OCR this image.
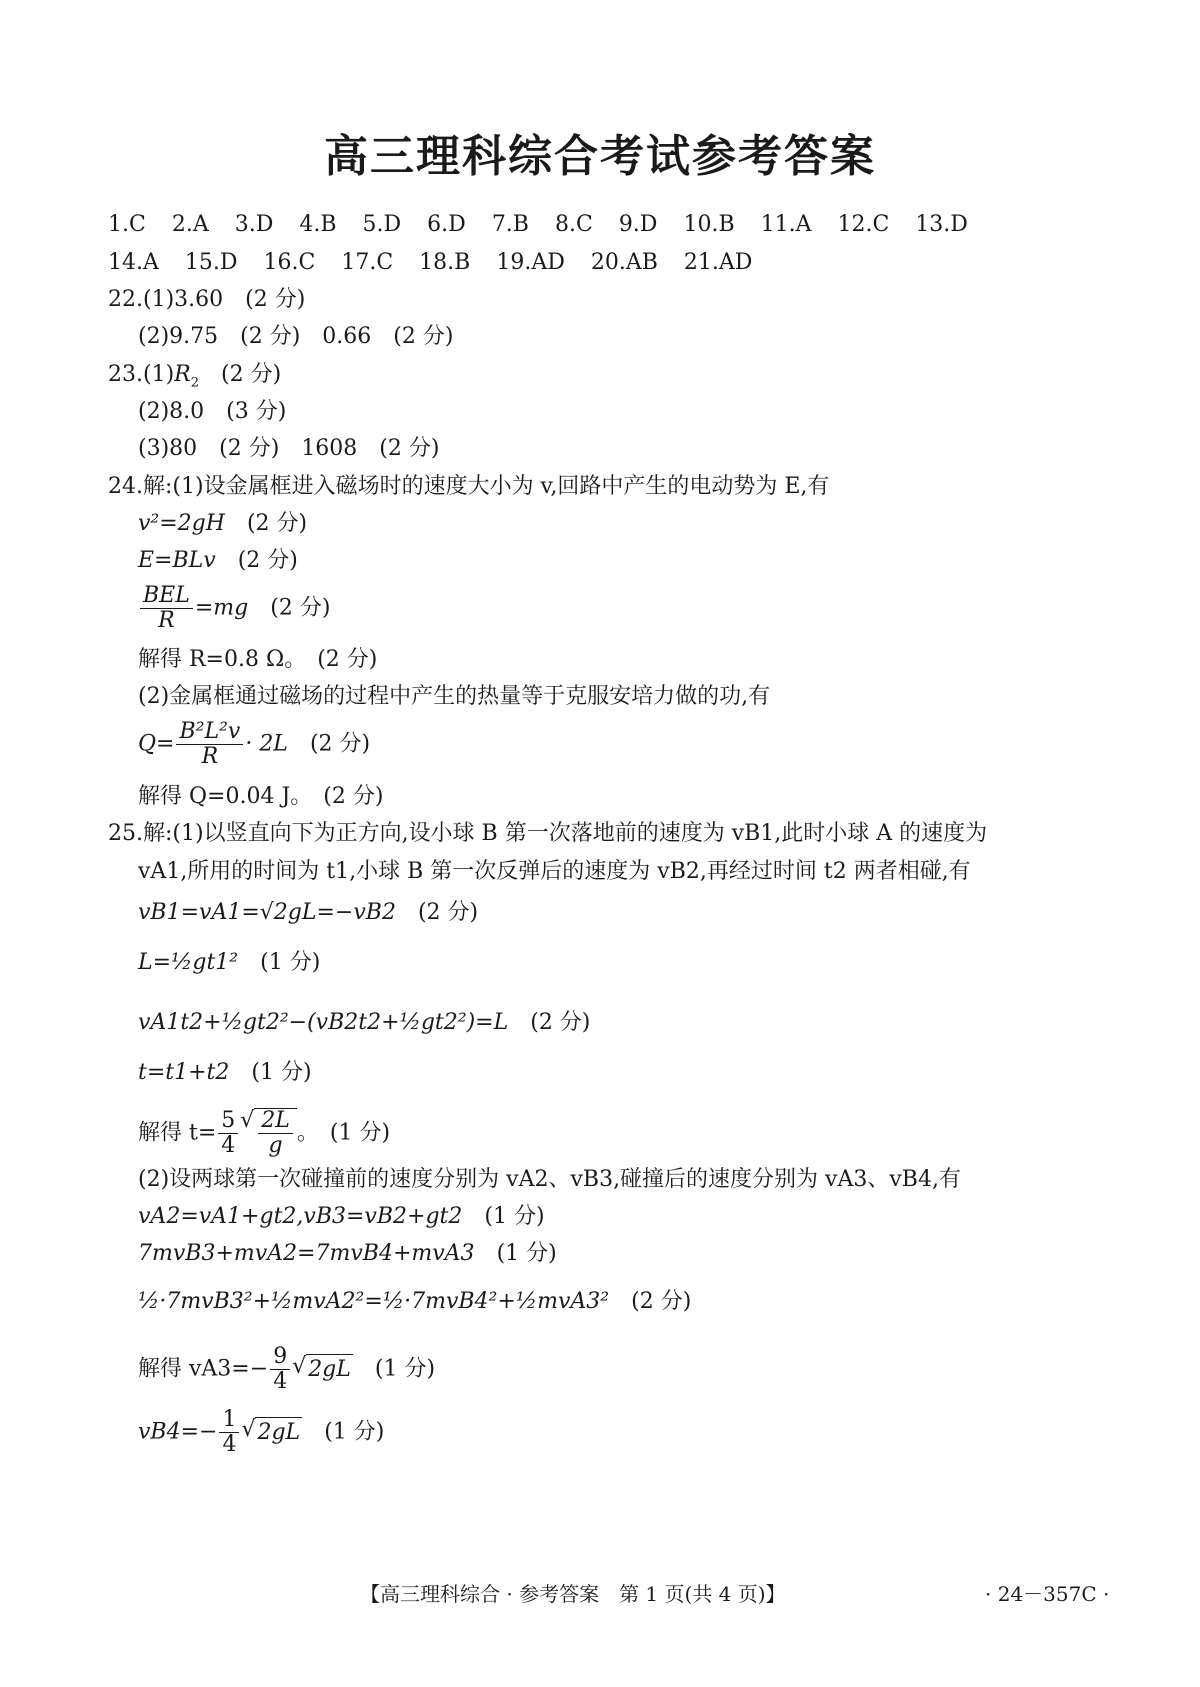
高三理科综合考试参考答案
1.C 2.A 3.D 4.B 5.D 6.D 7.B 8.C 9.D 10.B 11.A 12.C 13.D
14.A 15.D 16.C 17.C 18.B 19.AD 20.AB 21.AD
22.(1)3.60　(2 分)
(2)9.75　(2 分)　0.66　(2 分)
$23.(1)R_2$　(2 分)
(2)8.0　(3 分)
(3)80　(2 分)　1608　(2 分)
24.解:(1)设金属框进入磁场时的速度大小为 v,回路中产生的电动势为 E,有
v²=2gH　 (2 分)
E=BLv　 (2 分)
$\frac{\text{BEL}}{R} =mg$　 (2 分)
解得 R=0.8 Ω。　(2 分)
(2)金属框通过磁场的过程中产生的热量等于克服安培力做的功,有
$Q= \frac{\text{B²L²v}}{R} \cdot 2L$　 (2 分)
解得 Q=0.04 J。　(2 分)
25.解:(1)以竖直向下为正方向,设小球 B 第一次落地前的速度为 vB1,此时小球 A 的速度为
vA1,所用的时间为 t1,小球 B 第一次反弹后的速度为 vB2,再经过时间 t2 两者相碰,有
vB1=vA1=√2gL=−vB2　 (2 分)
L=½gt1²　 (1 分)
vA1t2+½gt2²−(vB2t2+½gt2²)=L　 (2 分)
t=t1+t2　 (1 分)
解得 $t= \frac{5}{4}$ √ $\frac{2L}{g}$ 。　(1 分)
(2)设两球第一次碰撞前的速度分别为 vA2、vB3,碰撞后的速度分别为 vA3、vB4,有
vA2=vA1+gt2,vB3=vB2+gt2　 (1 分)
7mvB3+mvA2=7mvB4+mvA3　 (1 分)
½·7mvB3²+½mvA2²=½·7mvB4²+½mvA3²　 (2 分)
解得 $vA3=- \frac{9}{4}$ √ 2gL　 (1 分)
$vB4=- \frac{1}{4}$ √ 2gL　 (1 分)
【高三理科综合 · 参考答案　第 1 页(共 4 页)】	· 24－357C ·
